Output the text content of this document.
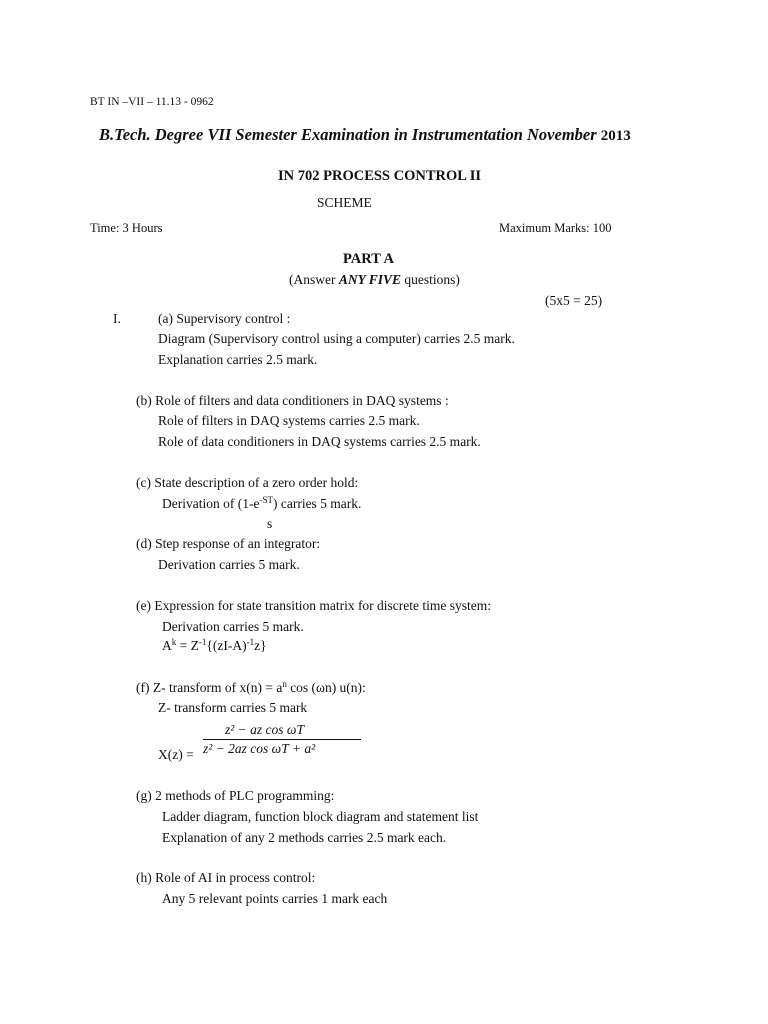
BT IN –VII – 11.13 - 0962
B.Tech. Degree VII Semester Examination in Instrumentation November 2013
IN 702 PROCESS CONTROL II
SCHEME
Time: 3 Hours	Maximum Marks: 100
PART A
(Answer ANY FIVE questions)
(5x5 = 25)
I.	(a) Supervisory control :
Diagram (Supervisory control using a computer) carries 2.5 mark.
Explanation carries 2.5 mark.
(b) Role of filters and data conditioners in DAQ systems :
Role of filters in DAQ systems carries 2.5 mark.
Role of data conditioners in DAQ systems carries 2.5 mark.
(c) State description of a zero order hold:
Derivation of $(1-e^{-ST})$ carries 5 mark.
s
(d) Step response of an integrator:
Derivation carries 5 mark.
(e) Expression for state transition matrix for discrete time system:
Derivation carries 5 mark.
$A^k = Z^{-1}\{(zI-A)^{-1}z\}$
(f) Z- transform of $x(n) = a^n$ cos (ωn) u(n):
Z- transform carries 5 mark
X(z) =
z² − az cos ωT
z² − 2az cos ωT + a²
(g) 2 methods of PLC programming:
Ladder diagram, function block diagram and statement list
Explanation of any 2 methods carries 2.5 mark each.
(h) Role of AI in process control:
Any 5 relevant points carries 1 mark each
